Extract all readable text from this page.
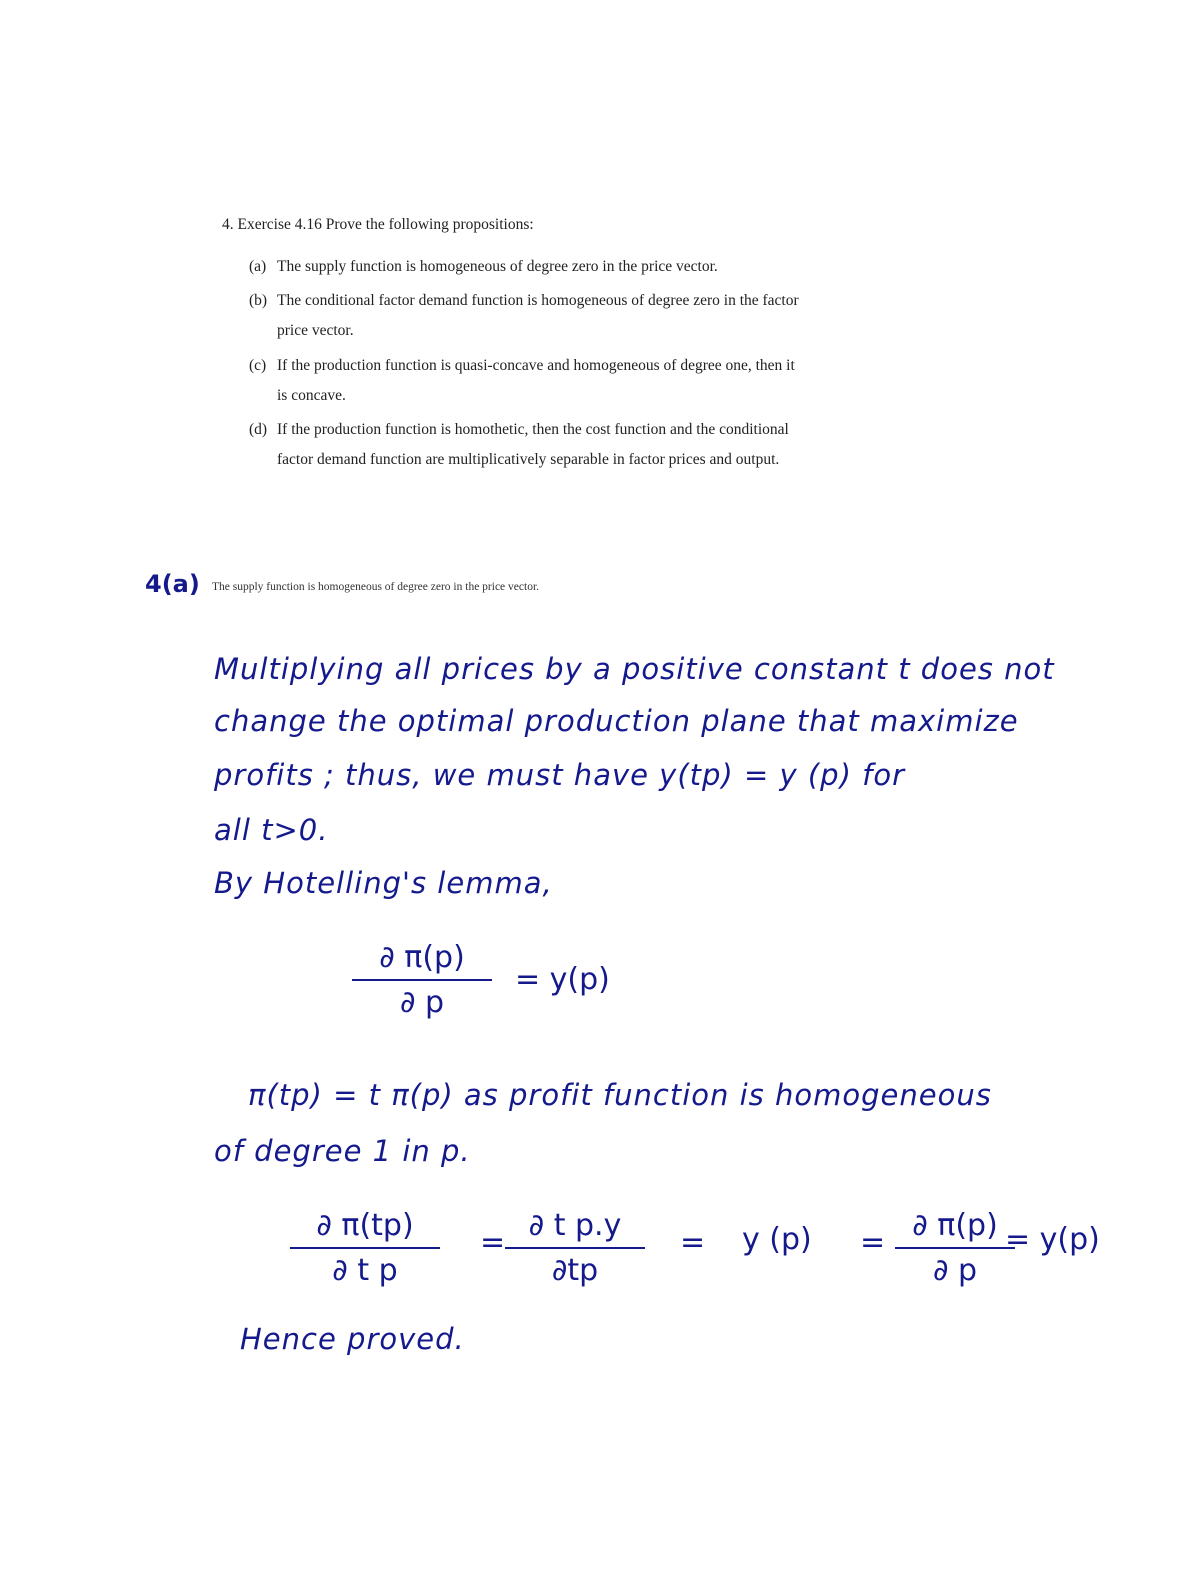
4. Exercise 4.16 Prove the following propositions:
(a) The supply function is homogeneous of degree zero in the price vector.
(b) The conditional factor demand function is homogeneous of degree zero in the factor
price vector.
(c) If the production function is quasi-concave and homogeneous of degree one, then it
is concave.
(d) If the production function is homothetic, then the cost function and the conditional
factor demand function are multiplicatively separable in factor prices and output.
4(a) The supply function is homogeneous of degree zero in the price vector.
Multiplying all prices by a positive constant t does not
change the optimal production plane that maximize
profits ; thus, we must have y(tp) = y (p) for
all t>0.
By Hotelling's lemma,
∂ π(p)
∂ p
= y(p)
π(tp) = t π(p) as profit function is homogeneous
of degree 1 in p.
∂ π(tp)
∂ t p
= ∂ t p.y
∂tp
= y (p) = ∂ π(p)
∂ p
= y(p)
Hence proved.
